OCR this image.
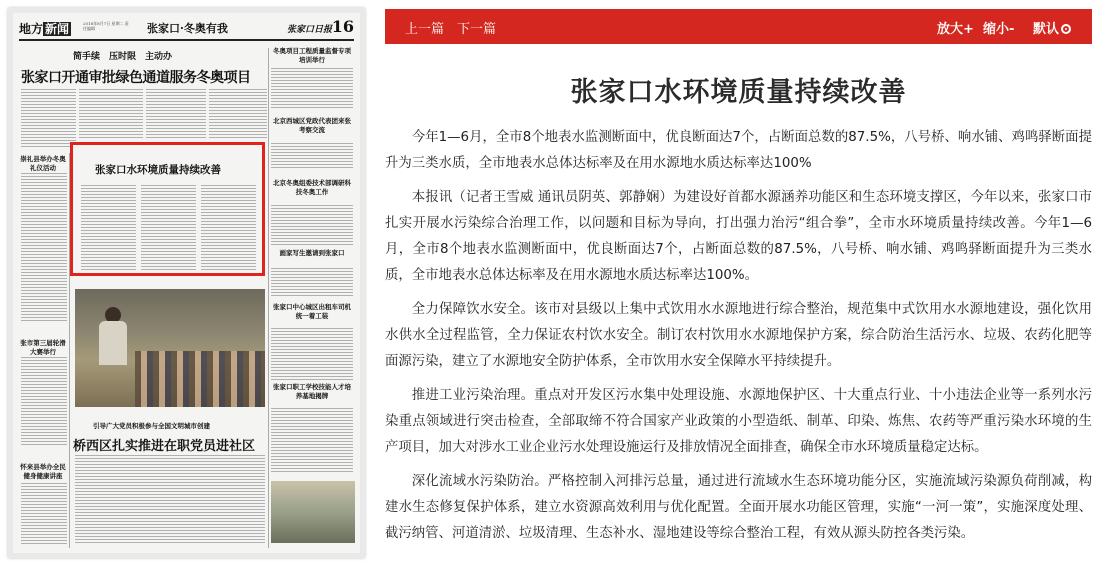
地方 新闻	2018年8月7日 星期二 责任编辑	张家口·冬奥有我	张家口日报 16
简手续　压时限　主动办
张家口开通审批绿色通道服务冬奥项目
冬奥项目工程质量监督专项培训举行
北京西城区党政代表团来张考察交流
北京冬奥组委技术部调研科技冬奥工作
画家写生邀请到张家口
张家口中心城区出租车司机统一着工装
张家口职工学校技能人才培养基地揭牌
崇礼县举办冬奥礼仪活动
张市第三届轮滑大赛举行
怀来县举办全民健身健康讲座
张家口水环境质量持续改善
引导广大党员积极参与全国文明城市创建
桥西区扎实推进在职党员进社区
上一篇 下一篇	放大+ 缩小- 默认
张家口水环境质量持续改善

今年1—6月，全市8个地表水监测断面中，优良断面达7个，占断面总数的87.5%，八号桥、响水铺、鸡鸣驿断面提升为三类水质，全市地表水总体达标率及在用水源地水质达标率达100%

本报讯（记者王雪威 通讯员阴英、郭静娴）为建设好首都水源涵养功能区和生态环境支撑区，今年以来，张家口市扎实开展水污染综合治理工作，以问题和目标为导向，打出强力治污“组合拳”，全市水环境质量持续改善。今年1—6月，全市8个地表水监测断面中，优良断面达7个，占断面总数的87.5%，八号桥、响水铺、鸡鸣驿断面提升为三类水质，全市地表水总体达标率及在用水源地水质达标率达100%。

全力保障饮水安全。该市对县级以上集中式饮用水水源地进行综合整治，规范集中式饮用水水源地建设，强化饮用水供水全过程监管，全力保证农村饮水安全。制订农村饮用水水源地保护方案，综合防治生活污水、垃圾、农药化肥等面源污染，建立了水源地安全防护体系，全市饮用水安全保障水平持续提升。

推进工业污染治理。重点对开发区污水集中处理设施、水源地保护区、十大重点行业、十小违法企业等一系列水污染重点领域进行突击检查，全部取缔不符合国家产业政策的小型造纸、制革、印染、炼焦、农药等严重污染水环境的生产项目，加大对涉水工业企业污水处理设施运行及排放情况全面排查，确保全市水环境质量稳定达标。

深化流域水污染防治。严格控制入河排污总量，通过进行流域水生态环境功能分区，实施流域污染源负荷削减，构建水生态修复保护体系，建立水资源高效利用与优化配置。全面开展水功能区管理，实施“一河一策”，实施深度处理、截污纳管、河道清淤、垃圾清理、生态补水、湿地建设等综合整治工程，有效从源头防控各类污染。
